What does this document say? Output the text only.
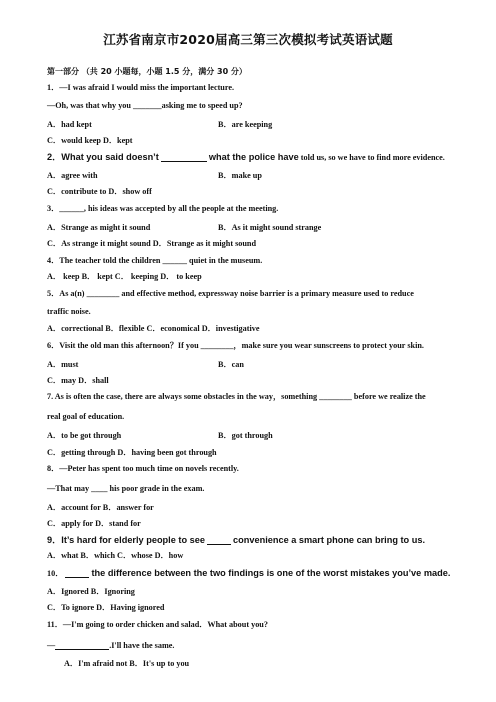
江苏省南京市2020届高三第三次模拟考试英语试题
第一部分 （共 20 小题每，小题 1.5 分，满分 30 分）
1．—I was afraid I would miss the important lecture.
—Oh, was that why you _______asking me to speed up?
A．had kept	B．are keeping
C．would keep D．kept
2．What you said doesn’t	what the police have told us, so we have to find more evidence.
A．agree with	B．make up
C．contribute to D．show off
3．______, his ideas was accepted by all the people at the meeting.
A．Strange as might it sound	B．As it might sound strange
C．As strange it might sound D．Strange as it might sound
4．The teacher told the children ______ quiet in the museum.
A． keep B． kept C． keeping D． to keep
5．As a(n) ________ and effective method, expressway noise barrier is a primary measure used to reduce
traffic noise.
A．correctional B．flexible C．economical D．investigative
6．Visit the old man this afternoon？If you ________，make sure you wear sunscreens to protect your skin.
A．must	B．can
C．may D．shall
7. As is often the case, there are always some obstacles in the way，something ________ before we realize the
real goal of education.
A．to be got through	B．got through
C．getting through D．having been got through
8．—Peter has spent too much time on novels recently.
—That may ____ his poor grade in the exam.
A．account for B．answer for
C．apply for D．stand for
9．It’s hard for elderly people to see	convenience a smart phone can bring to us.
A．what B．which C．whose D．how
10．	the difference between the two findings is one of the worst mistakes you’ve made.
A．Ignored B．Ignoring
C．To ignore D．Having ignored
11．—I'm going to order chicken and salad．What about you?
—	.I'll have the same.
A．I'm afraid not B．It's up to you
